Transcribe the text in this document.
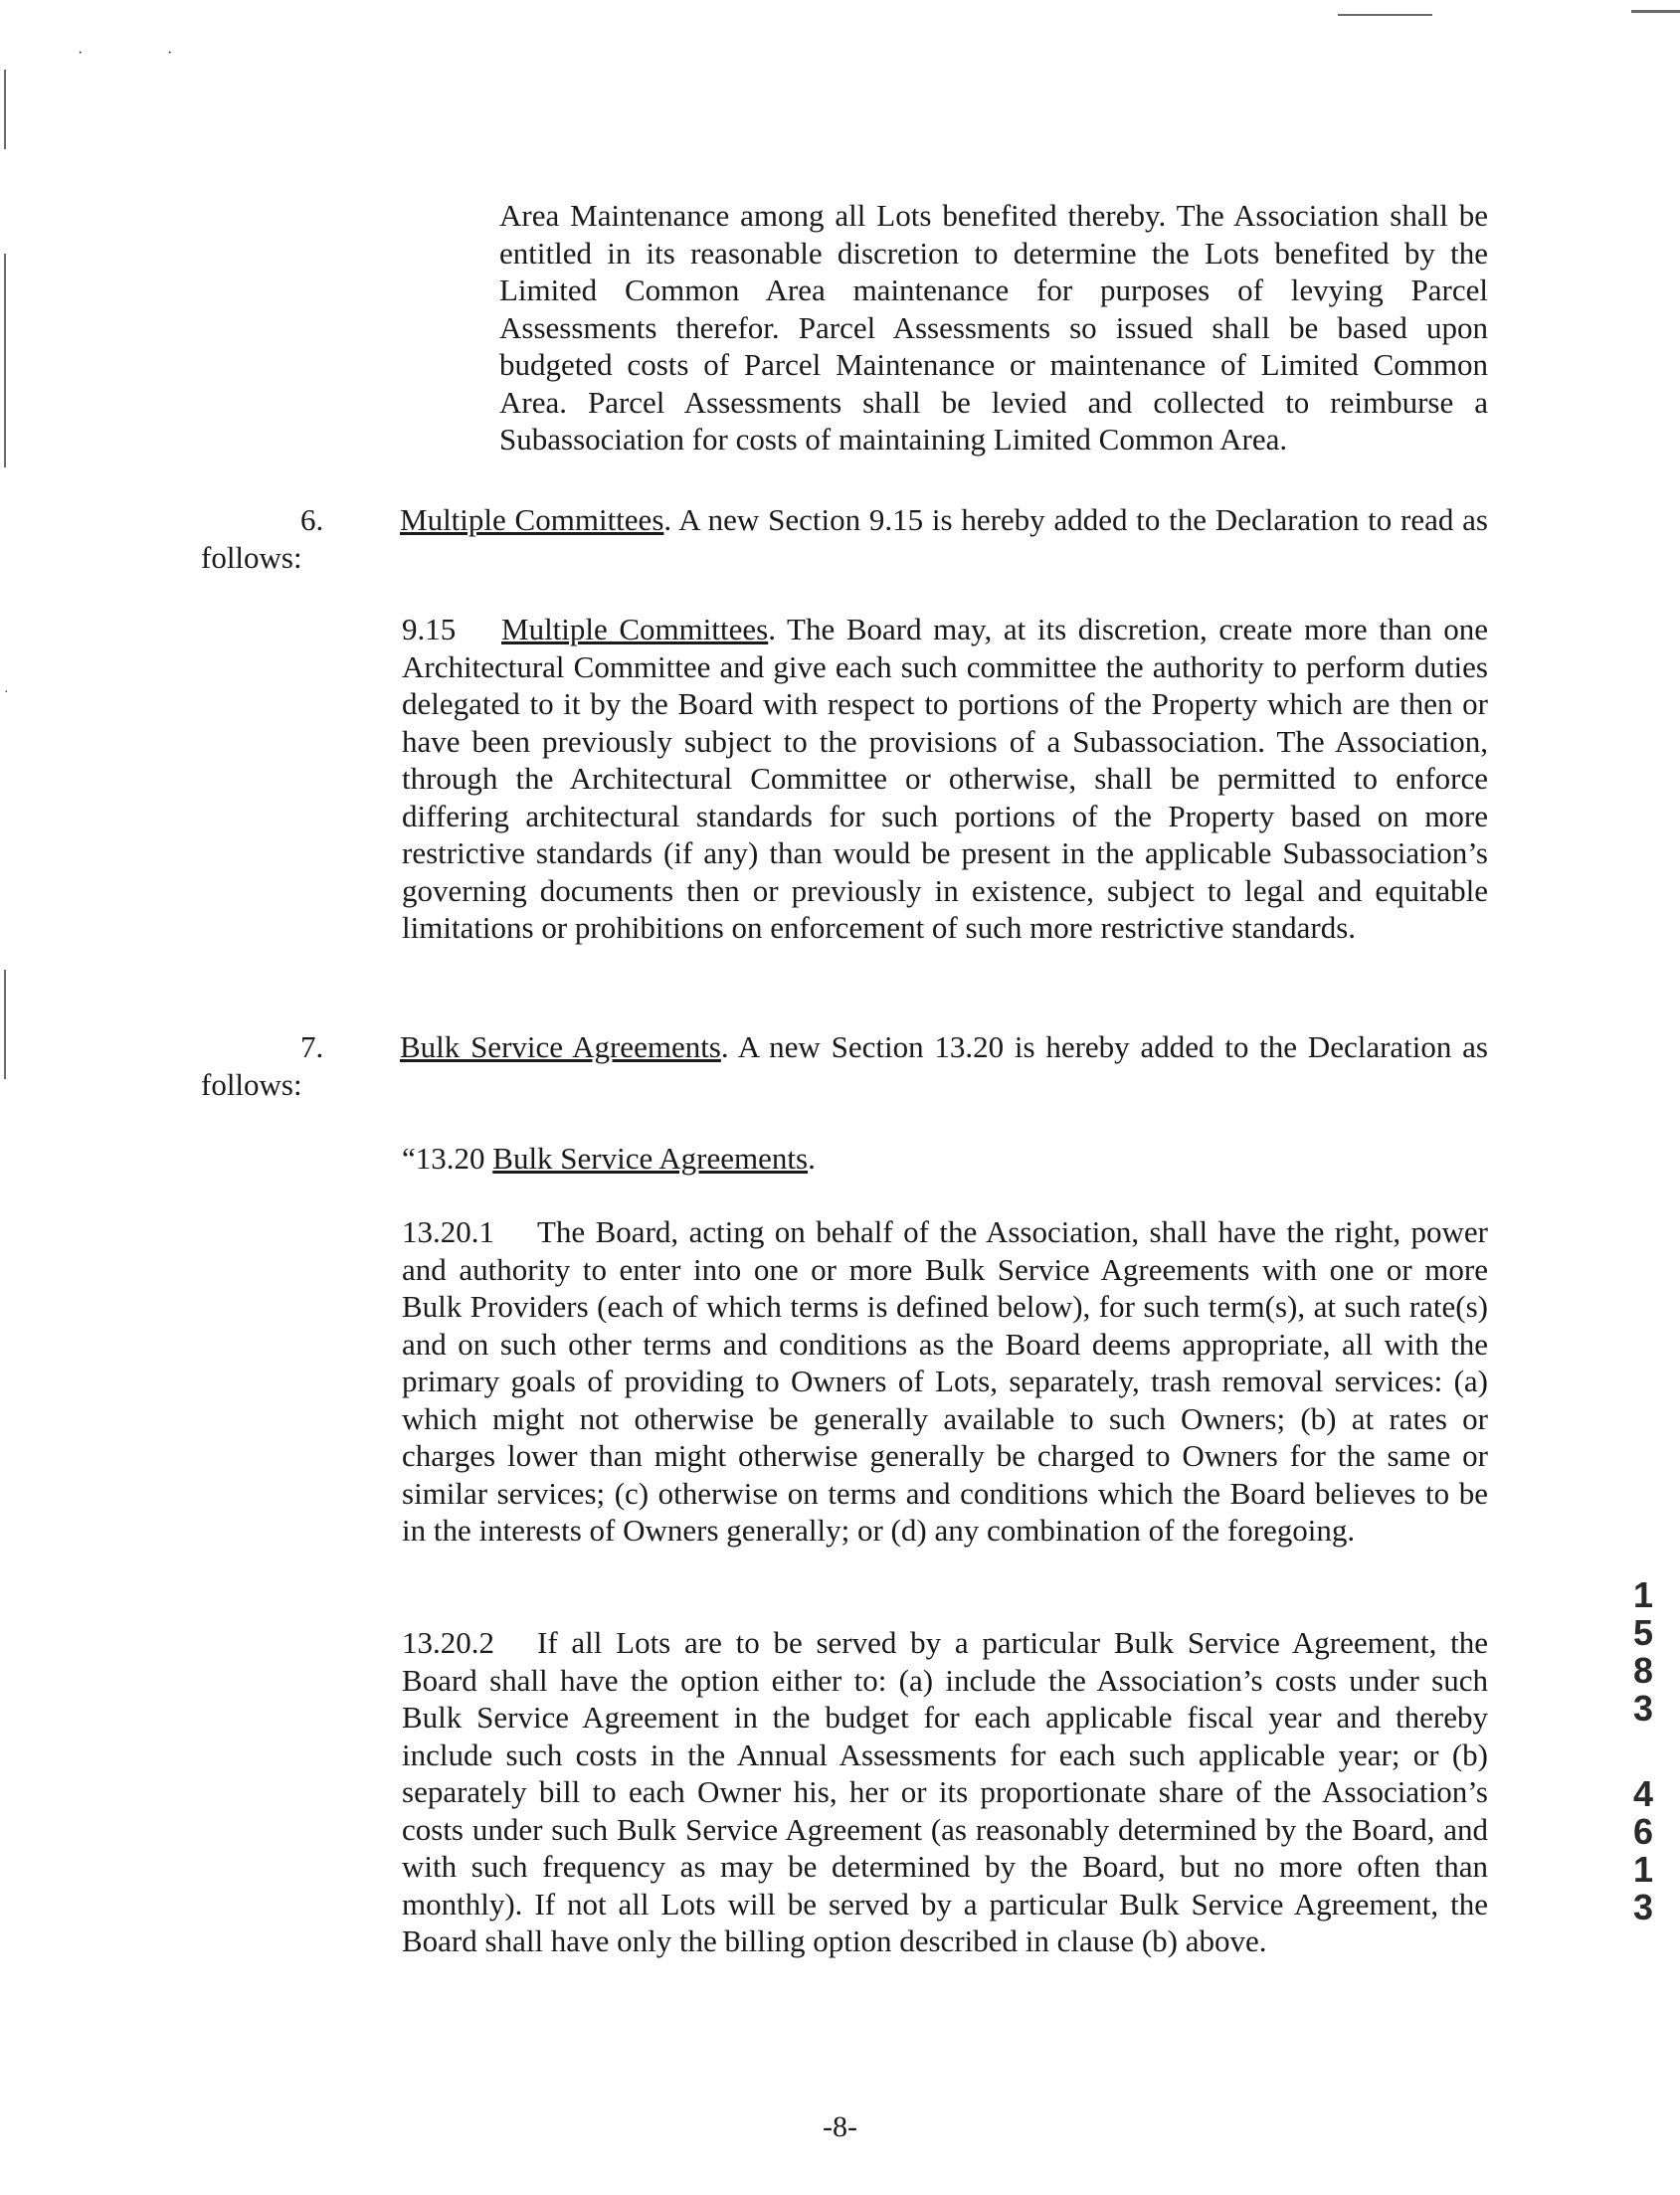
·	·
·

Area Maintenance among all Lots benefited thereby. The Association shall be entitled in its reasonable discretion to determine the Lots benefited by the Limited Common Area maintenance for purposes of levying Parcel Assessments therefor. Parcel Assessments so issued shall be based upon budgeted costs of Parcel Maintenance or maintenance of Limited Common Area. Parcel Assessments shall be levied and collected to reimburse a Subassociation for costs of maintaining Limited Common Area.

6. Multiple Committees. A new Section 9.15 is hereby added to the Declaration to read as follows:

9.15 Multiple Committees. The Board may, at its discretion, create more than one Architectural Committee and give each such committee the authority to perform duties delegated to it by the Board with respect to portions of the Property which are then or have been previously subject to the provisions of a Subassociation. The Association, through the Architectural Committee or otherwise, shall be permitted to enforce differing architectural standards for such portions of the Property based on more restrictive standards (if any) than would be present in the applicable Subassociation’s governing documents then or previously in existence, subject to legal and equitable limitations or prohibitions on enforcement of such more restrictive standards.

7. Bulk Service Agreements. A new Section 13.20 is hereby added to the Declaration as follows:

“13.20 Bulk Service Agreements.

13.20.1 The Board, acting on behalf of the Association, shall have the right, power and authority to enter into one or more Bulk Service Agreements with one or more Bulk Providers (each of which terms is defined below), for such term(s), at such rate(s) and on such other terms and conditions as the Board deems appropriate, all with the primary goals of providing to Owners of Lots, separately, trash removal services: (a) which might not otherwise be generally available to such Owners; (b) at rates or charges lower than might otherwise generally be charged to Owners for the same or similar services; (c) otherwise on terms and conditions which the Board believes to be in the interests of Owners generally; or (d) any combination of the foregoing.

13.20.2 If all Lots are to be served by a particular Bulk Service Agreement, the Board shall have the option either to: (a) include the Association’s costs under such Bulk Service Agreement in the budget for each applicable fiscal year and thereby include such costs in the Annual Assessments for each such applicable year; or (b) separately bill to each Owner his, her or its proportionate share of the Association’s costs under such Bulk Service Agreement (as reasonably determined by the Board, and with such frequency as may be determined by the Board, but no more often than monthly). If not all Lots will be served by a particular Bulk Service Agreement, the Board shall have only the billing option described in clause (b) above.

-8-
1
5
8
3
4
6
1
3
